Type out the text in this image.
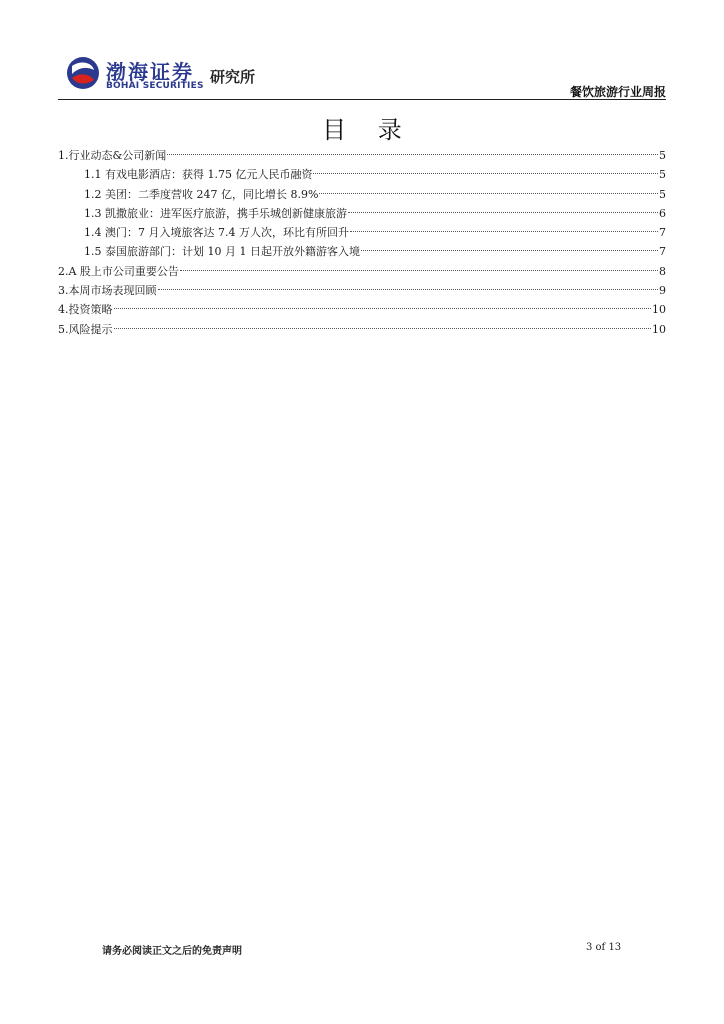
渤海证券
BOHAI SECURITIES 研究所
餐饮旅游行业周报
目 录
1.行业动态&公司新闻	5
1.1 有戏电影酒店：获得 1.75 亿元人民币融资	5
1.2 美团：二季度营收 247 亿，同比增长 8.9%	5
1.3 凯撒旅业：进军医疗旅游，携手乐城创新健康旅游	6
1.4 澳门：7 月入境旅客达 7.4 万人次，环比有所回升	7
1.5 泰国旅游部门：计划 10 月 1 日起开放外籍游客入境	7
2.A 股上市公司重要公告	8
3.本周市场表现回顾	9
4.投资策略	10
5.风险提示	10
请务必阅读正文之后的免责声明	3 of 13
